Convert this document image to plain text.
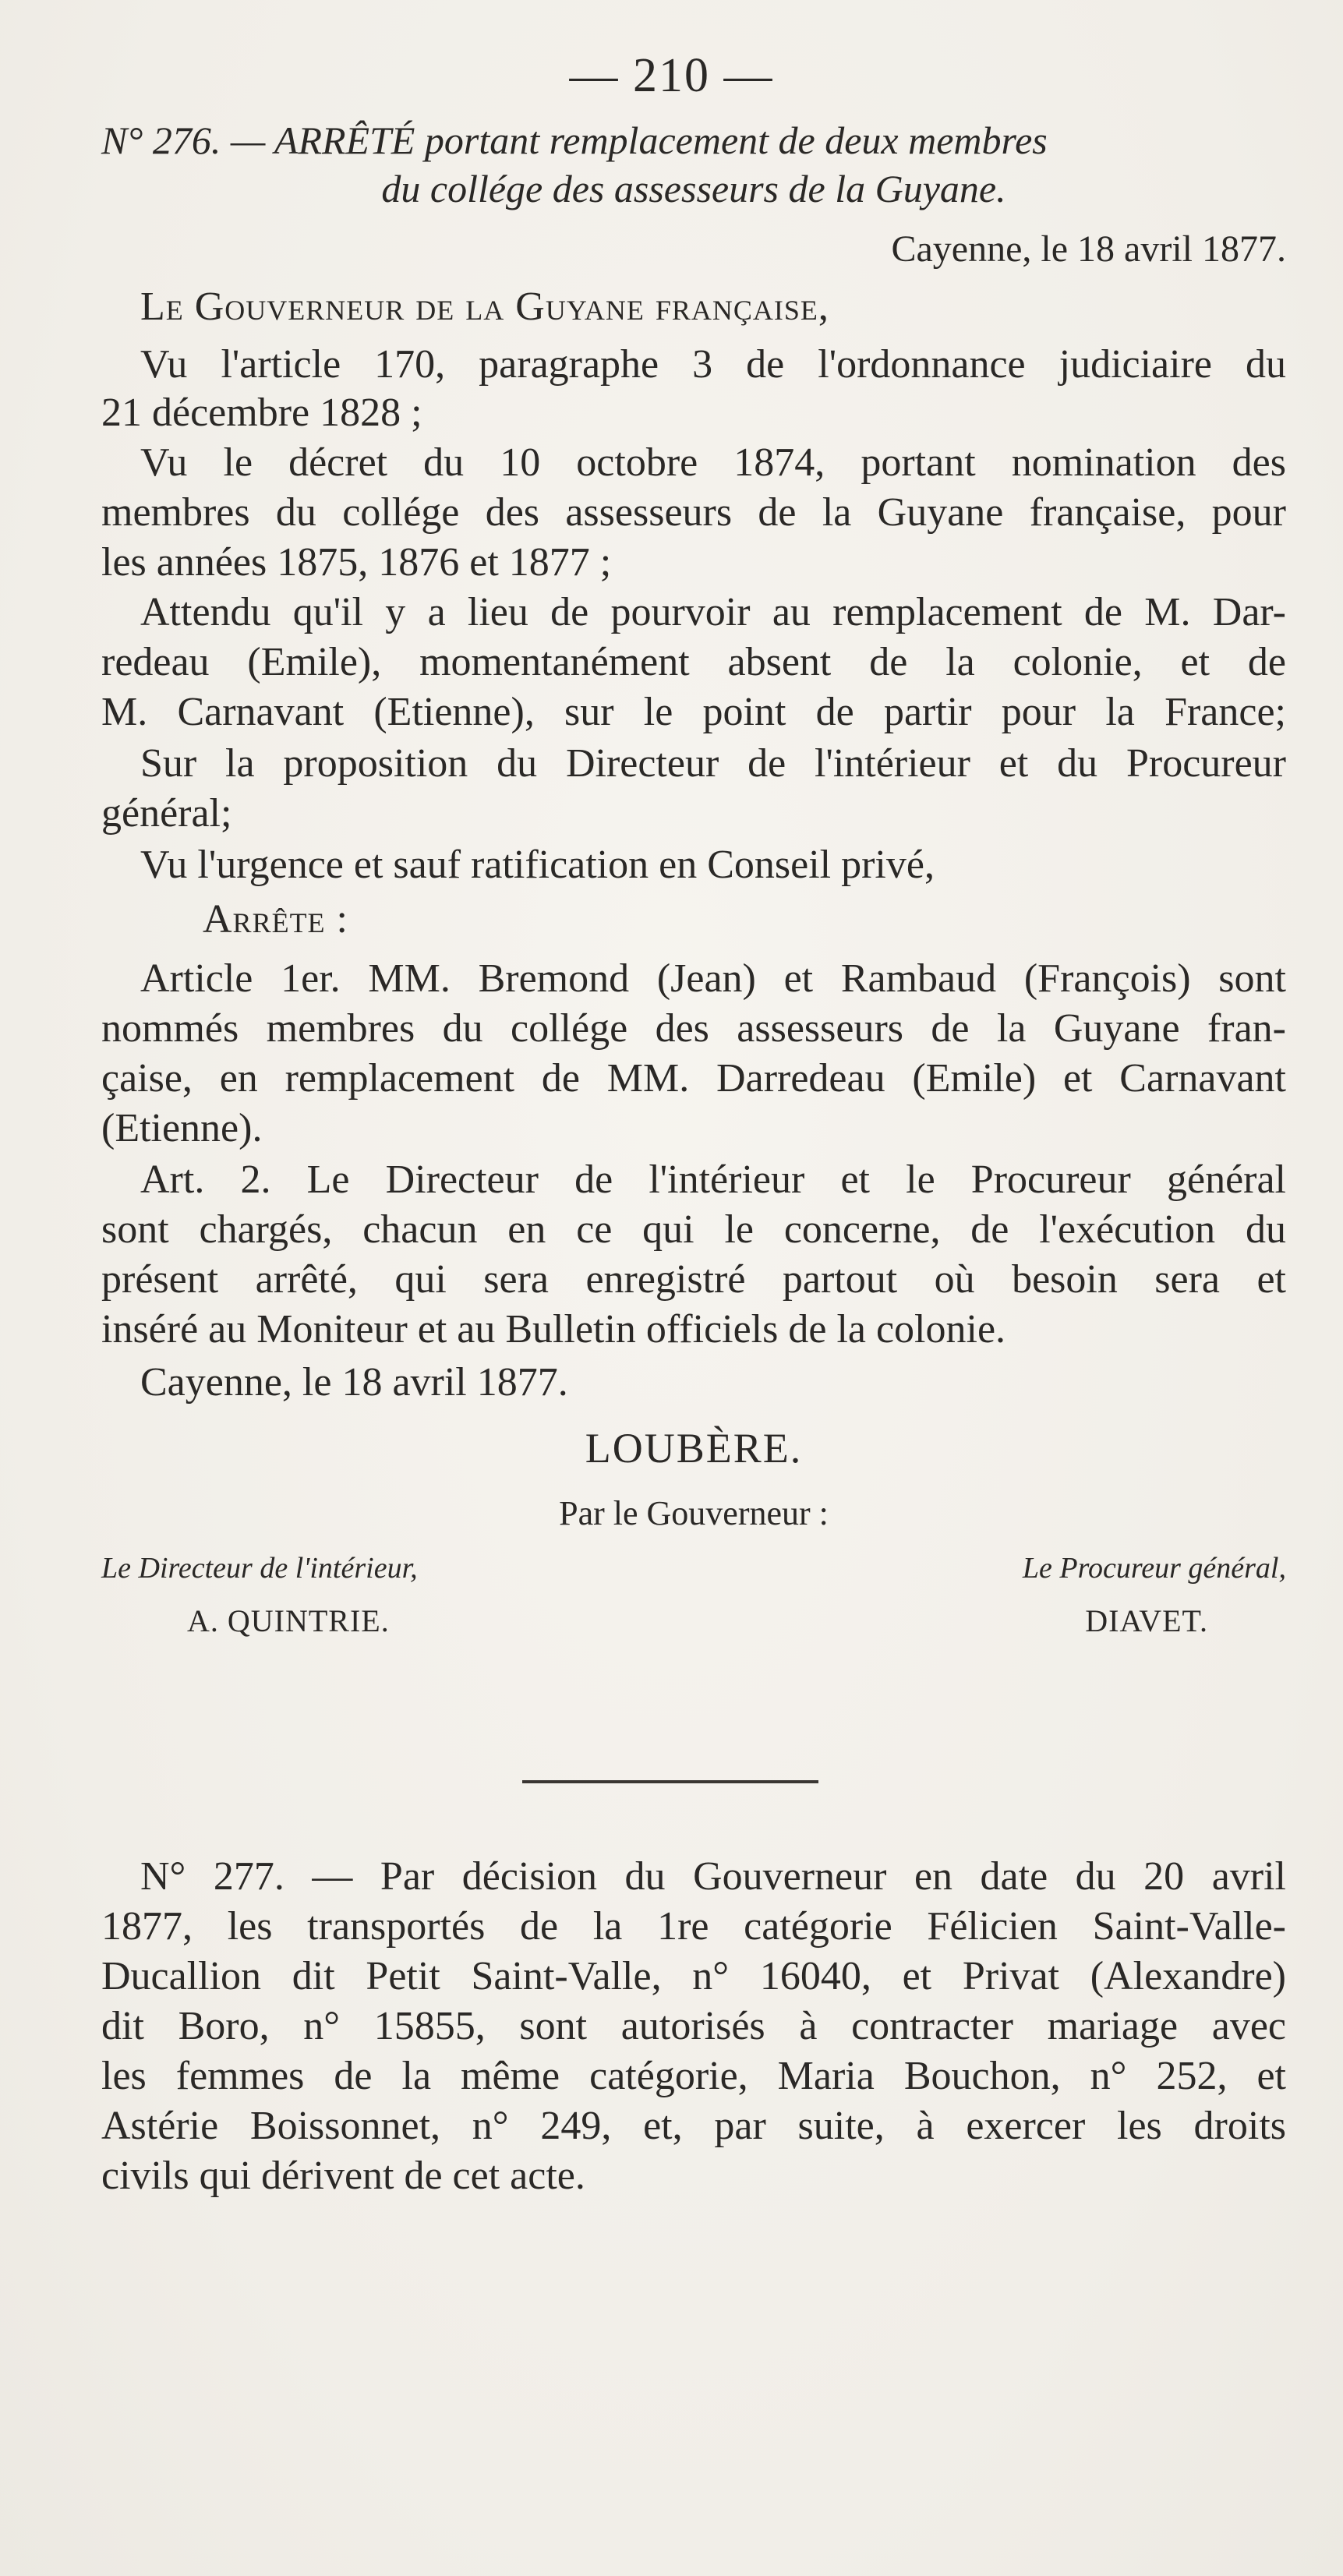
— 210 —
N° 276. — ARRÊTÉ portant remplacement de deux membres
du collége des assesseurs de la Guyane.
Cayenne, le 18 avril 1877.
Le Gouverneur de la Guyane française,
Vu l'article 170, paragraphe 3 de l'ordonnance judiciaire du
21 décembre 1828 ;
Vu le décret du 10 octobre 1874, portant nomination des
membres du collége des assesseurs de la Guyane française, pour
les années 1875, 1876 et 1877 ;
Attendu qu'il y a lieu de pourvoir au remplacement de M. Dar-
redeau (Emile), momentanément absent de la colonie, et de
M. Carnavant (Etienne), sur le point de partir pour la France;
Sur la proposition du Directeur de l'intérieur et du Procureur
général;
Vu l'urgence et sauf ratification en Conseil privé,
Arrête :
Article 1er. MM. Bremond (Jean) et Rambaud (François) sont
nommés membres du collége des assesseurs de la Guyane fran-
çaise, en remplacement de MM. Darredeau (Emile) et Carnavant
(Etienne).
Art. 2. Le Directeur de l'intérieur et le Procureur général
sont chargés, chacun en ce qui le concerne, de l'exécution du
présent arrêté, qui sera enregistré partout où besoin sera et
inséré au Moniteur et au Bulletin officiels de la colonie.
Cayenne, le 18 avril 1877.
LOUBÈRE.
Par le Gouverneur :
Le Directeur de l'intérieur,	Le Procureur général,
A. QUINTRIE.	DIAVET.
N° 277. — Par décision du Gouverneur en date du 20 avril
1877, les transportés de la 1re catégorie Félicien Saint-Valle-
Ducallion dit Petit Saint-Valle, n° 16040, et Privat (Alexandre)
dit Boro, n° 15855, sont autorisés à contracter mariage avec
les femmes de la même catégorie, Maria Bouchon, n° 252, et
Astérie Boissonnet, n° 249, et, par suite, à exercer les droits
civils qui dérivent de cet acte.
